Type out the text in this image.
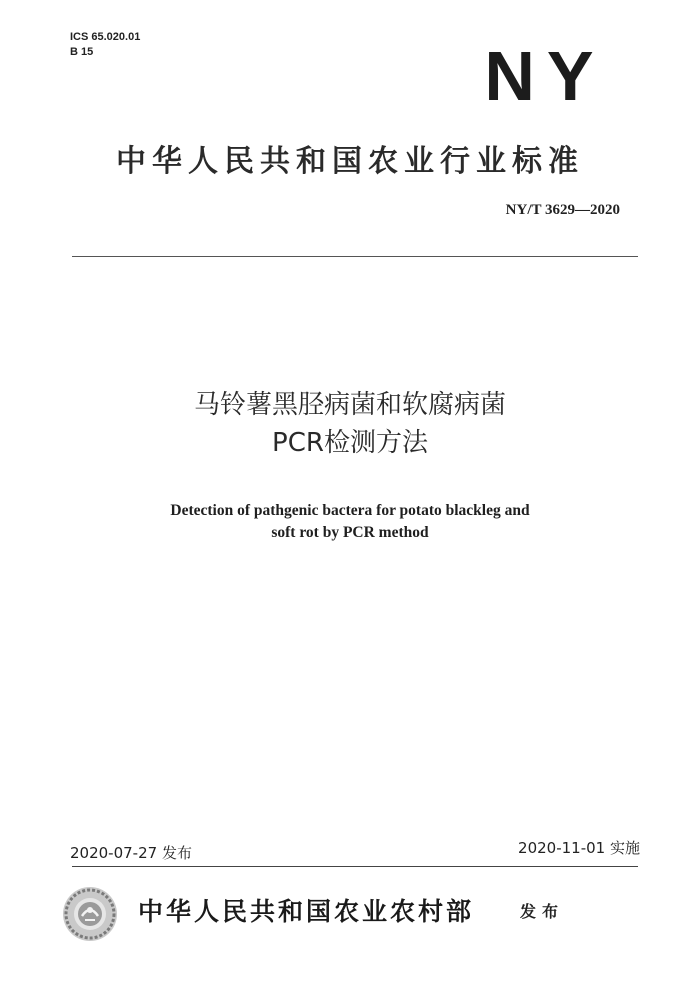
ICS 65.020.01
B 15	NY
中华人民共和国农业行业标准
NY/T 3629—2020
马铃薯黑胫病菌和软腐病菌
PCR检测方法
Detection of pathgenic bactera for potato blackleg and
soft rot by PCR method
2020-07-27 发布	2020-11-01 实施
中华人民共和国农业农村部	发布
